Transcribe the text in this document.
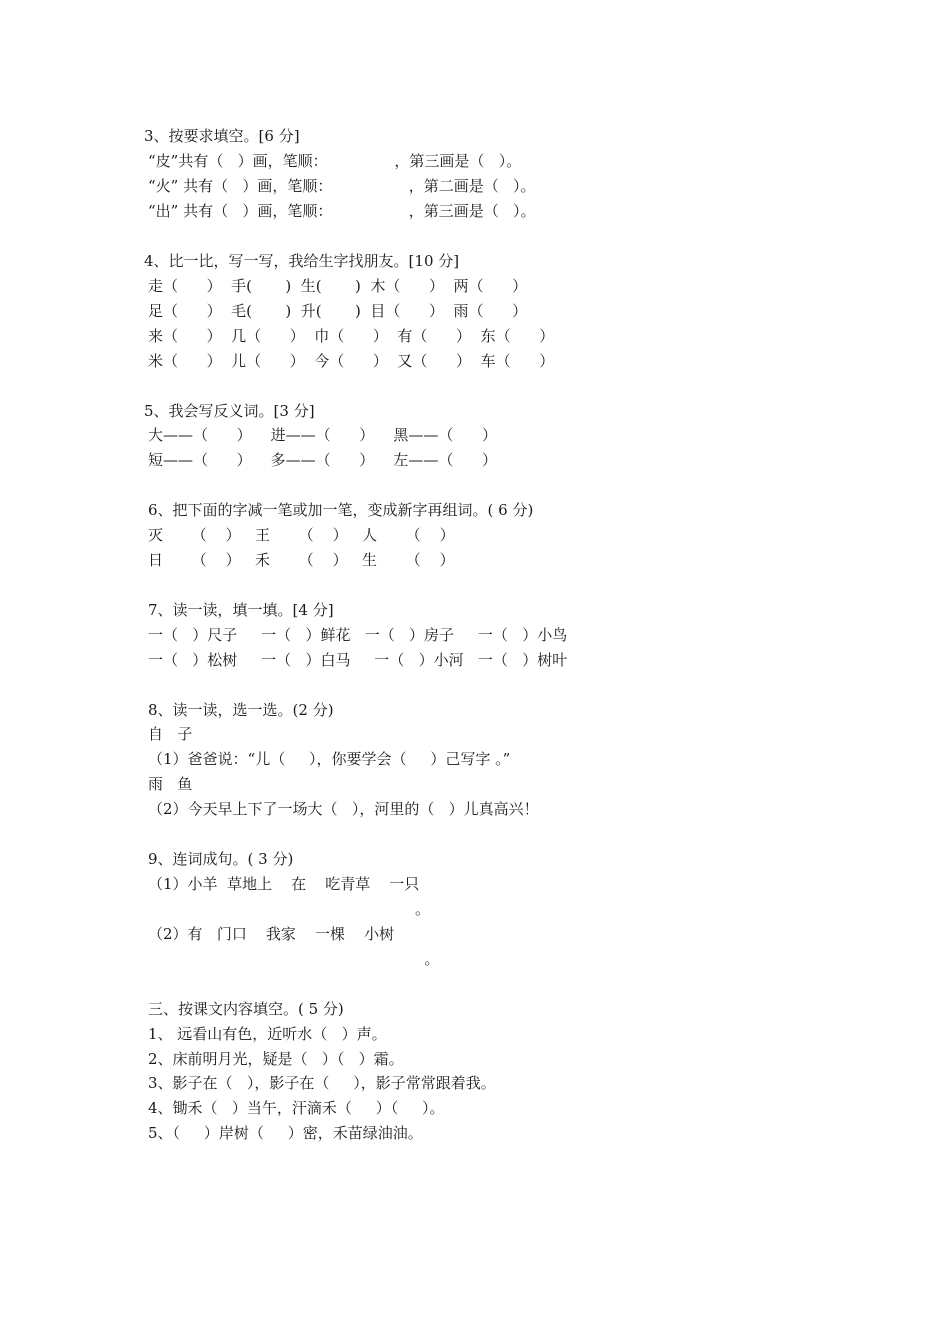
3、按要求填空。[6 分]
“皮”共有（   ）画，笔顺：              ，第三画是（   ）。
“火” 共有（   ）画，笔顺：                ，第二画是（   ）。
“出” 共有（   ）画，笔顺：                ，第三画是（   ）。
4、比一比，写一写，我给生字找朋友。[10 分]
走（      ）  手(       )  生(       )  木（      ）  两（      ）
足（      ）  毛(       )  升(       )  目（      ）  雨（      ）
来（      ）  几（      ）  巾（      ）  有（      ）  东（      ）
米（      ）  儿（      ）  今（      ）  又（      ）  车（      ）
5、我会写反义词。[3 分]
大——（      ）    进——（      ）    黑——（      ）
短——（      ）    多——（      ）    左——（      ）
6、把下面的字减一笔或加一笔，变成新字再组词。( 6 分)
灭      （    ）   王      （    ）   人      （    ）
日      （    ）   禾      （    ）   生      （    ）
7、读一读，填一填。[4 分]
一（   ）尺子     一（   ）鲜花   一（   ）房子     一（   ）小鸟
一（   ）松树     一（   ）白马     一（   ）小河   一（   ）树叶
8、读一读，选一选。(2 分)
自   子
（1）爸爸说：“儿（     ），你要学会（     ）己写字 。”
雨   鱼
（2）今天早上下了一场大（   ），河里的（   ）儿真高兴！
9、连词成句。( 3 分)
（1）小羊  草地上    在    吃青草    一只
。
（2）有   门口    我家    一棵    小树
。
三、按课文内容填空。( 5 分)
1、 远看山有色，近听水（   ）声。
2、床前明月光，疑是（   ）（   ）霜。
3、影子在（   ），影子在（     ），影子常常跟着我。
4、锄禾（   ）当午，汗滴禾（     ）（     ）。
5、（     ）岸树（     ）密，禾苗绿油油。
